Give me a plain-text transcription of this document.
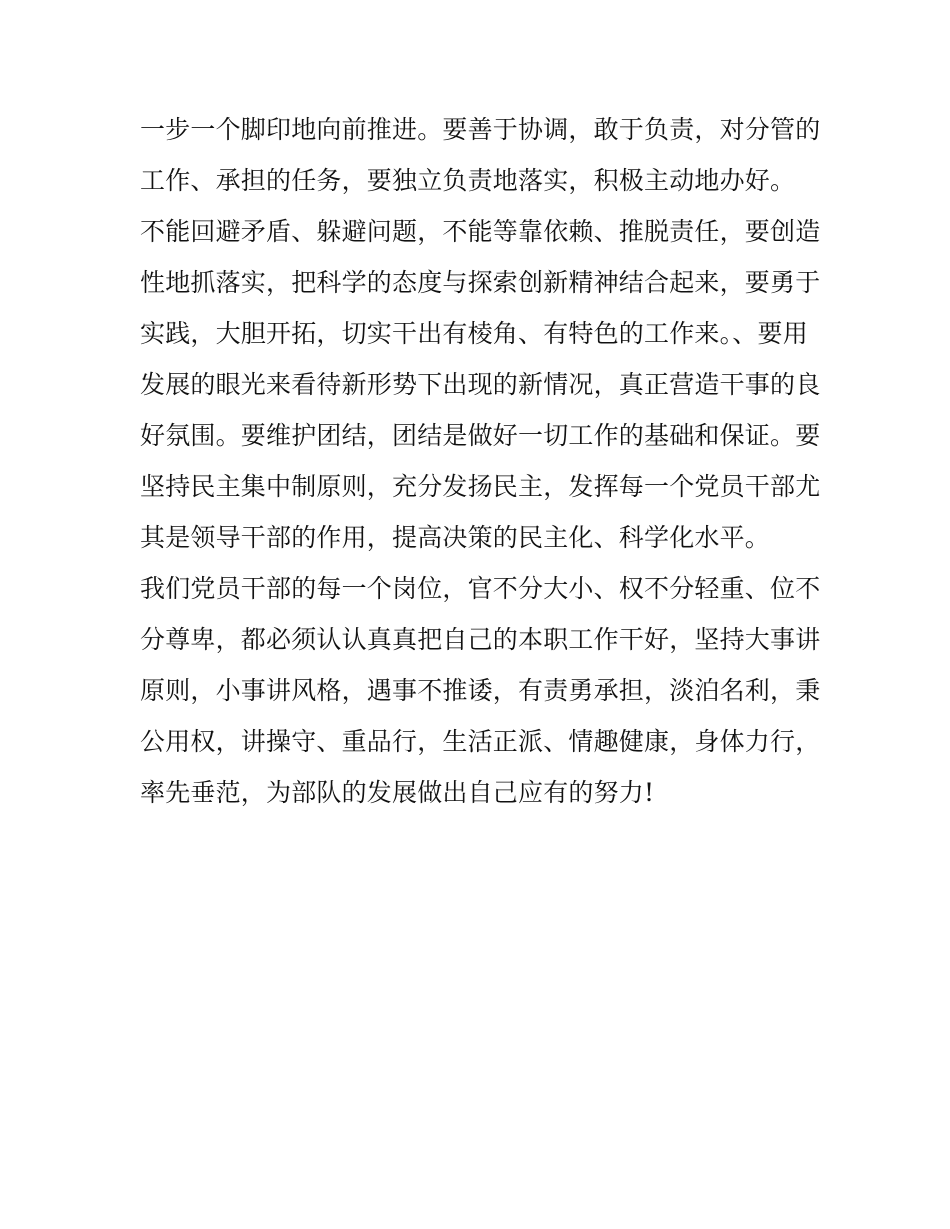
一步一个脚印地向前推进。要善于协调，敢于负责，对分管的
工作、承担的任务，要独立负责地落实，积极主动地办好。
不能回避矛盾、躲避问题，不能等靠依赖、推脱责任，要创造
性地抓落实，把科学的态度与探索创新精神结合起来，要勇于
实践，大胆开拓，切实干出有棱角、有特色的工作来。、要用
发展的眼光来看待新形势下出现的新情况，真正营造干事的良
好氛围。要维护团结，团结是做好一切工作的基础和保证。要
坚持民主集中制原则，充分发扬民主，发挥每一个党员干部尤
其是领导干部的作用，提高决策的民主化、科学化水平。
我们党员干部的每一个岗位，官不分大小、权不分轻重、位不
分尊卑，都必须认认真真把自己的本职工作干好，坚持大事讲
原则，小事讲风格，遇事不推诿，有责勇承担，淡泊名利，秉
公用权，讲操守、重品行，生活正派、情趣健康，身体力行，
率先垂范，为部队的发展做出自己应有的努力!
